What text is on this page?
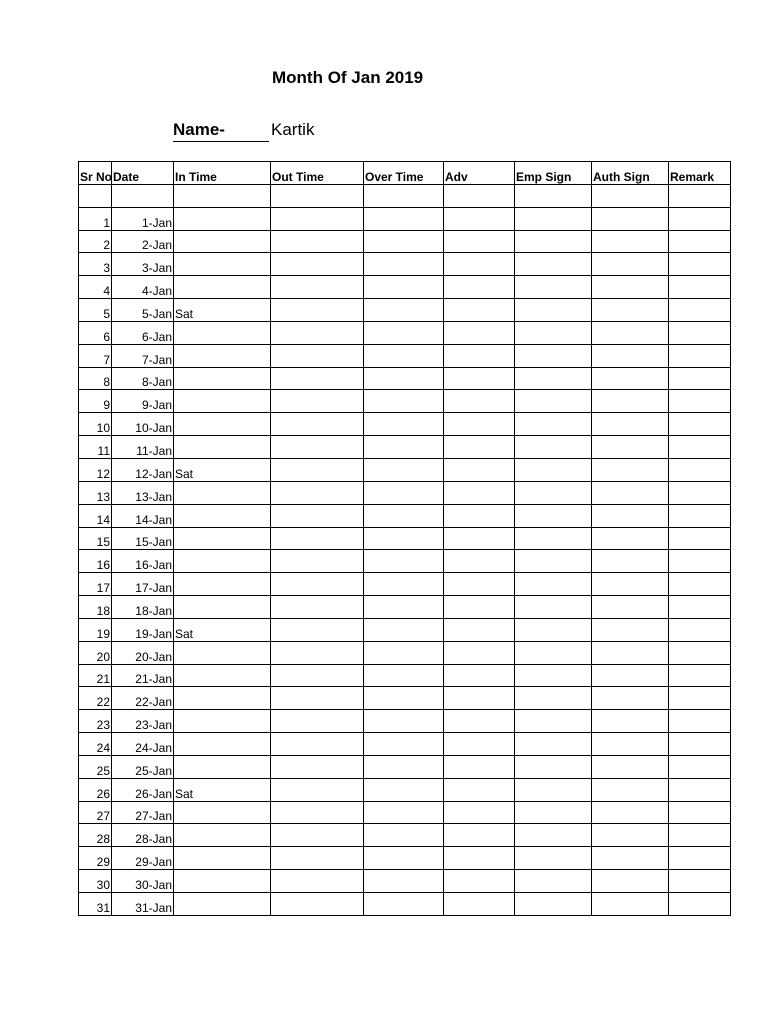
Month Of Jan 2019
Name-	Kartik
Sr No	Date	In Time	Out Time	Over Time	Adv	Emp Sign	Auth Sign	Remark

1	1-Jan							
2	2-Jan							
3	3-Jan							
4	4-Jan							
5	5-Jan	Sat						
6	6-Jan							
7	7-Jan							
8	8-Jan							
9	9-Jan							
10	10-Jan							
11	11-Jan							
12	12-Jan	Sat						
13	13-Jan							
14	14-Jan							
15	15-Jan							
16	16-Jan							
17	17-Jan							
18	18-Jan							
19	19-Jan	Sat						
20	20-Jan							
21	21-Jan							
22	22-Jan							
23	23-Jan							
24	24-Jan							
25	25-Jan							
26	26-Jan	Sat						
27	27-Jan							
28	28-Jan							
29	29-Jan							
30	30-Jan							
31	31-Jan							
